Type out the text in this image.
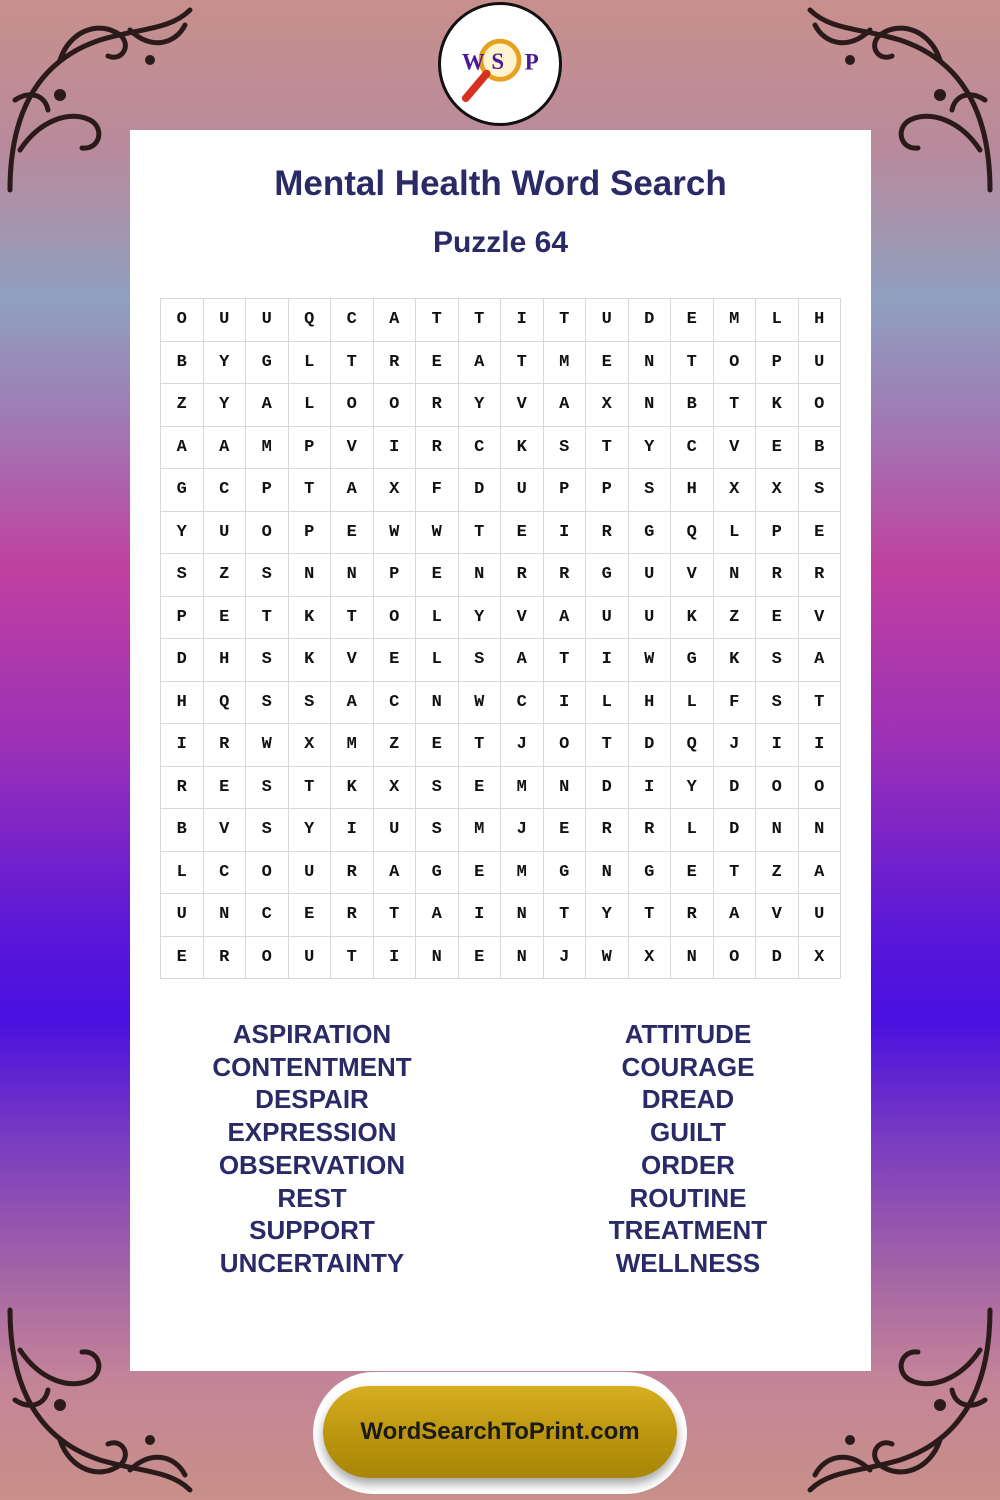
W S P
Mental Health Word Search
Puzzle 64
O	U	U	Q	C	A	T	T	I	T	U	D	E	M	L	H
B	Y	G	L	T	R	E	A	T	M	E	N	T	O	P	U
Z	Y	A	L	O	O	R	Y	V	A	X	N	B	T	K	O
A	A	M	P	V	I	R	C	K	S	T	Y	C	V	E	B
G	C	P	T	A	X	F	D	U	P	P	S	H	X	X	S
Y	U	O	P	E	W	W	T	E	I	R	G	Q	L	P	E
S	Z	S	N	N	P	E	N	R	R	G	U	V	N	R	R
P	E	T	K	T	O	L	Y	V	A	U	U	K	Z	E	V
D	H	S	K	V	E	L	S	A	T	I	W	G	K	S	A
H	Q	S	S	A	C	N	W	C	I	L	H	L	F	S	T
I	R	W	X	M	Z	E	T	J	O	T	D	Q	J	I	I
R	E	S	T	K	X	S	E	M	N	D	I	Y	D	O	O
B	V	S	Y	I	U	S	M	J	E	R	R	L	D	N	N
L	C	O	U	R	A	G	E	M	G	N	G	E	T	Z	A
U	N	C	E	R	T	A	I	N	T	Y	T	R	A	V	U
E	R	O	U	T	I	N	E	N	J	W	X	N	O	D	X
ASPIRATION
CONTENTMENT
DESPAIR
EXPRESSION
OBSERVATION
REST
SUPPORT
UNCERTAINTY
ATTITUDE
COURAGE
DREAD
GUILT
ORDER
ROUTINE
TREATMENT
WELLNESS
WordSearchToPrint.com
